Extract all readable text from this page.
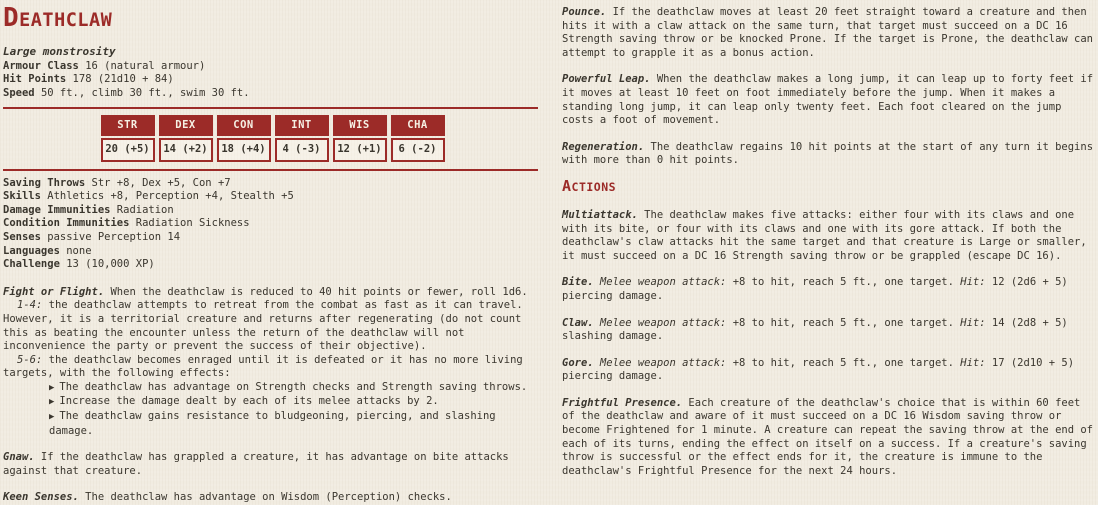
DEATHCLAW
Large monstrosity
Armour Class 16 (natural armour)
Hit Points 178 (21d10 + 84)
Speed 50 ft., climb 30 ft., swim 30 ft.
STR
20 (+5)
DEX
14 (+2)
CON
18 (+4)
INT
4 (-3)
WIS
12 (+1)
CHA
6 (-2)
Saving Throws Str +8, Dex +5, Con +7
Skills Athletics +8, Perception +4, Stealth +5
Damage Immunities Radiation
Condition Immunities Radiation Sickness
Senses passive Perception 14
Languages none
Challenge 13 (10,000 XP)

Fight or Flight. When the deathclaw is reduced to 40 hit points or fewer, roll 1d6.

1-4: the deathclaw attempts to retreat from the combat as fast as it can travel. However, it is a territorial creature and returns after regenerating (do not count this as beating the encounter unless the return of the deathclaw will not inconvenience the party or prevent the success of their objective).

5-6: the deathclaw becomes enraged until it is defeated or it has no more living targets, with the following effects:

▶ The deathclaw has advantage on Strength checks and Strength saving throws.
▶ Increase the damage dealt by each of its melee attacks by 2.
▶ The deathclaw gains resistance to bludgeoning, piercing, and slashing damage.

Gnaw. If the deathclaw has grappled a creature, it has advantage on bite attacks against that creature.

Keen Senses. The deathclaw has advantage on Wisdom (Perception) checks.

Pounce. If the deathclaw moves at least 20 feet straight toward a creature and then hits it with a claw attack on the same turn, that target must succeed on a DC 16 Strength saving throw or be knocked Prone. If the target is Prone, the deathclaw can attempt to grapple it as a bonus action.

Powerful Leap. When the deathclaw makes a long jump, it can leap up to forty feet if it moves at least 10 feet on foot immediately before the jump. When it makes a standing long jump, it can leap only twenty feet. Each foot cleared on the jump costs a foot of movement.

Regeneration. The deathclaw regains 10 hit points at the start of any turn it begins with more than 0 hit points.

ACTIONS

Multiattack. The deathclaw makes five attacks: either four with its claws and one with its bite, or four with its claws and one with its gore attack. If both the deathclaw's claw attacks hit the same target and that creature is Large or smaller, it must succeed on a DC 16 Strength saving throw or be grappled (escape DC 16).

Bite. Melee weapon attack: +8 to hit, reach 5 ft., one target. Hit: 12 (2d6 + 5) piercing damage.

Claw. Melee weapon attack: +8 to hit, reach 5 ft., one target. Hit: 14 (2d8 + 5) slashing damage.

Gore. Melee weapon attack: +8 to hit, reach 5 ft., one target. Hit: 17 (2d10 + 5) piercing damage.

Frightful Presence. Each creature of the deathclaw's choice that is within 60 feet of the deathclaw and aware of it must succeed on a DC 16 Wisdom saving throw or become Frightened for 1 minute. A creature can repeat the saving throw at the end of each of its turns, ending the effect on itself on a success. If a creature's saving throw is successful or the effect ends for it, the creature is immune to the deathclaw's Frightful Presence for the next 24 hours.
